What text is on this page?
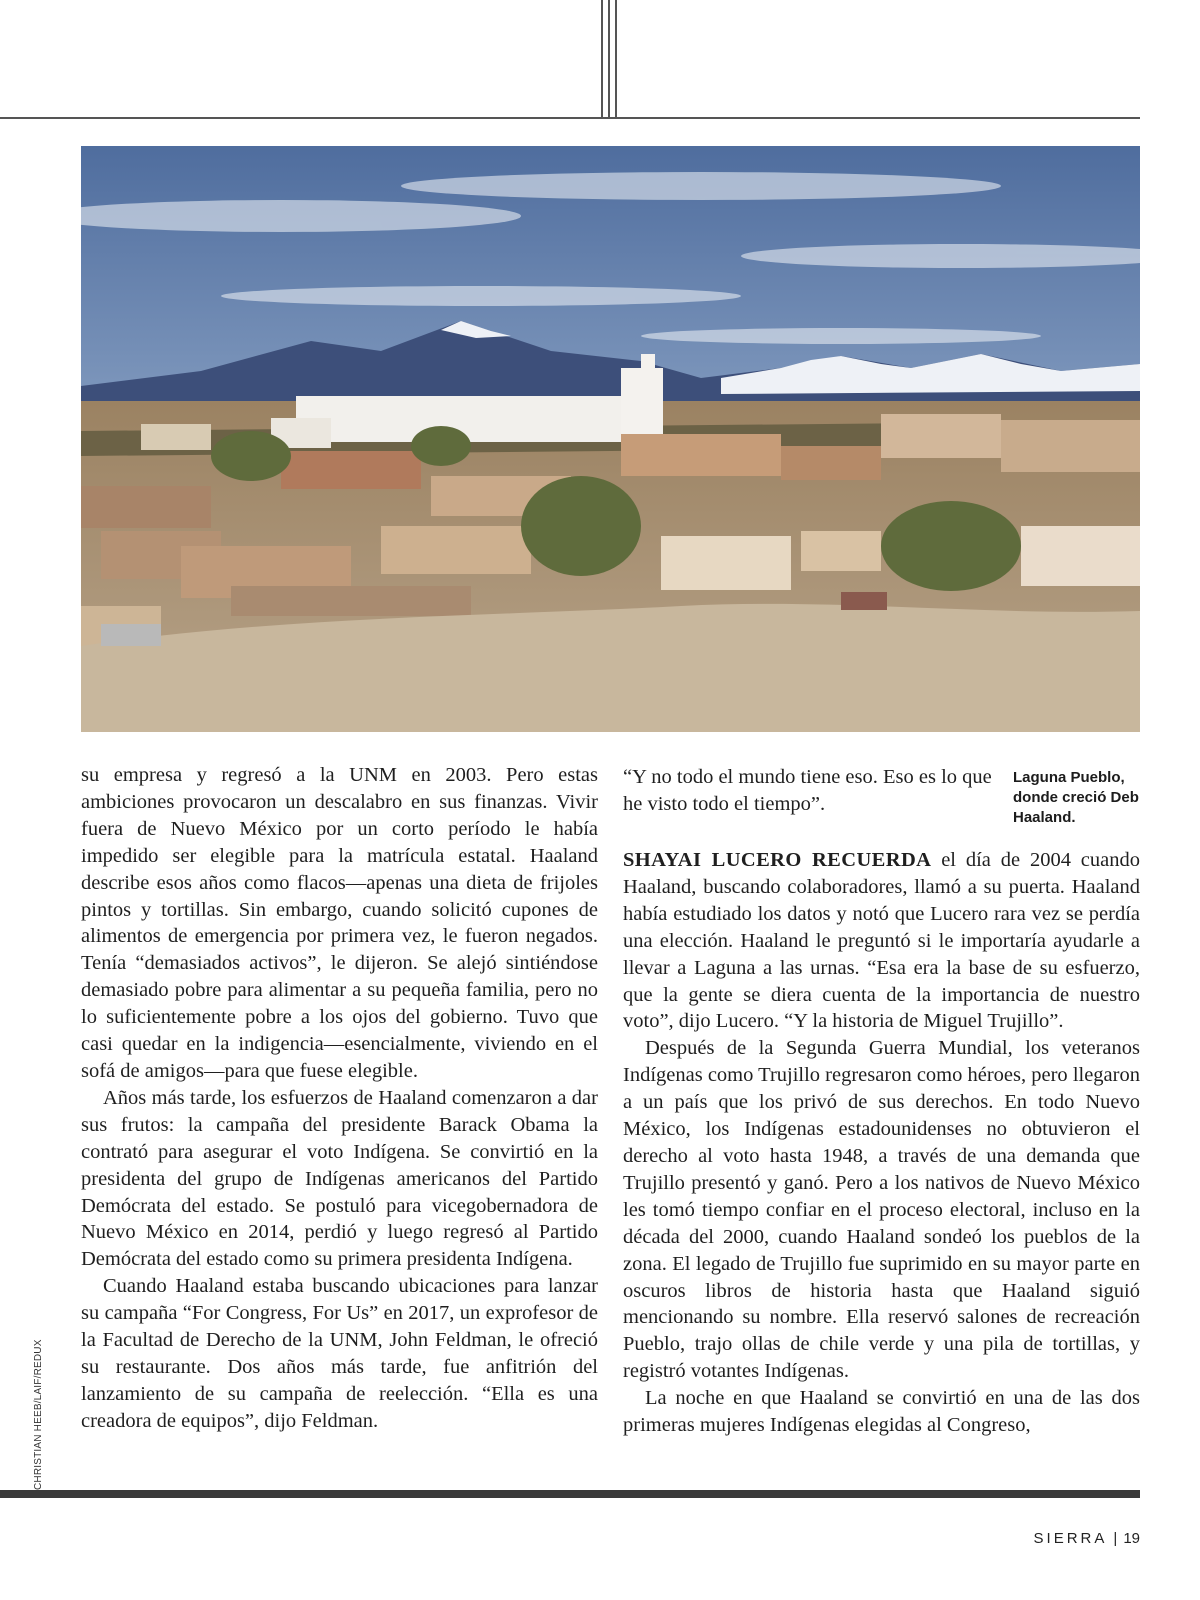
CHRISTIAN HEEB/LAIF/REDUX

su empresa y regresó a la UNM en 2003. Pero estas ambiciones provocaron un descalabro en sus finanzas. Vivir fuera de Nuevo México por un corto período le había impedido ser elegible para la matrícula estatal. Haaland describe esos años como flacos—apenas una dieta de frijoles pintos y tortillas. Sin embargo, cuando solicitó cupones de alimentos de emergencia por primera vez, le fueron negados. Tenía “demasiados activos”, le dijeron. Se alejó sintiéndose demasiado pobre para alimentar a su pequeña familia, pero no lo suficientemente pobre a los ojos del gobierno. Tuvo que casi quedar en la indigencia—esencialmente, viviendo en el sofá de amigos—para que fuese elegible.

Años más tarde, los esfuerzos de Haaland comenzaron a dar sus frutos: la campaña del presidente Barack Obama la contrató para asegurar el voto Indígena. Se convirtió en la presidenta del grupo de Indígenas americanos del Partido Demócrata del estado. Se postuló para vicegobernadora de Nuevo México en 2014, perdió y luego regresó al Partido Demócrata del estado como su primera presidenta Indígena.

Cuando Haaland estaba buscando ubicaciones para lanzar su campaña “For Congress, For Us” en 2017, un exprofesor de la Facultad de Derecho de la UNM, John Feldman, le ofreció su restaurante. Dos años más tarde, fue anfitrión del lanzamiento de su campaña de reelección. “Ella es una creadora de equipos”, dijo Feldman.

“Y no todo el mundo tiene eso. Eso es lo que he visto todo el tiempo”.

Laguna Pueblo, donde creció Deb Haaland.

SHAYAI LUCERO RECUERDA el día de 2004 cuando Haaland, buscando colaboradores, llamó a su puerta. Haaland había estudiado los datos y notó que Lucero rara vez se perdía una elección. Haaland le preguntó si le importaría ayudarle a llevar a Laguna a las urnas. “Esa era la base de su esfuerzo, que la gente se diera cuenta de la importancia de nuestro voto”, dijo Lucero. “Y la historia de Miguel Trujillo”.

Después de la Segunda Guerra Mundial, los veteranos Indígenas como Trujillo regresaron como héroes, pero llegaron a un país que los privó de sus derechos. En todo Nuevo México, los Indígenas estadounidenses no obtuvieron el derecho al voto hasta 1948, a través de una demanda que Trujillo presentó y ganó. Pero a los nativos de Nuevo México les tomó tiempo confiar en el proceso electoral, incluso en la década del 2000, cuando Haaland sondeó los pueblos de la zona. El legado de Trujillo fue suprimido en su mayor parte en oscuros libros de historia hasta que Haaland siguió mencionando su nombre. Ella reservó salones de recreación Pueblo, trajo ollas de chile verde y una pila de tortillas, y registró votantes Indígenas.

La noche en que Haaland se convirtió en una de las dos primeras mujeres Indígenas elegidas al Congreso,

SIERRA | 19
